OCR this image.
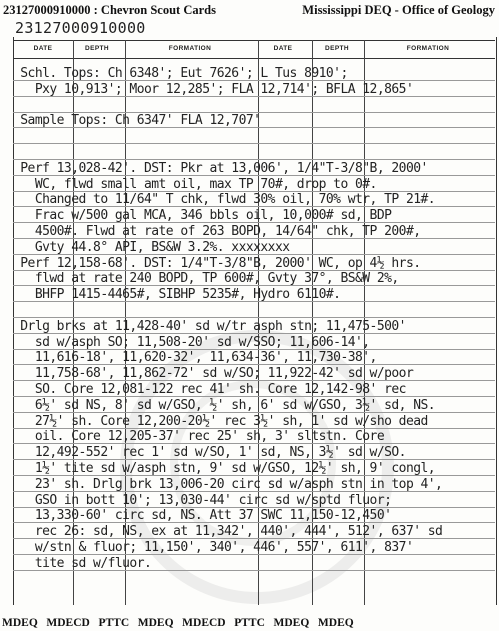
23127000910000 : Chevron Scout Cards	Mississippi DEQ - Office of Geology
23127000910000
DATE	DEPTH	FORMATION	DATE	DEPTH	FORMATION
Schl. Tops: Ch 6348'; Eut 7626'; L Tus 8910';
Pxy 10,913'; Moor 12,285'; FLA 12,714'; BFLA 12,865'
Sample Tops: Ch 6347' FLA 12,707'
Perf 13,028-42'. DST: Pkr at 13,006', 1/4"T-3/8"B, 2000'
WC, flwd small amt oil, max TP 70#, drop to 0#.
Changed to 11/64" T chk, flwd 30% oil, 70% wtr, TP 21#.
Frac w/500 gal MCA, 346 bbls oil, 10,000# sd, BDP
4500#. Flwd at rate of 263 BOPD, 14/64" chk, TP 200#,
Gvty 44.8° API, BS&W 3.2%. xxxxxxxx
Perf 12,158-68'. DST: 1/4"T-3/8"B, 2000' WC, op 4½ hrs.
flwd at rate 240 BOPD, TP 600#, Gvty 37°, BS&W 2%,
BHFP 1415-4465#, SIBHP 5235#, Hydro 6110#.
Drlg brks at 11,428-40' sd w/tr asph stn; 11,475-500'
sd w/asph SO; 11,508-20' sd w/SSO; 11,606-14',
11,616-18', 11,620-32', 11,634-36', 11,730-38',
11,758-68', 11,862-72' sd w/SO; 11,922-42' sd w/poor
SO. Core 12,081-122 rec 41' sh. Core 12,142-98' rec
6½' sd NS, 8' sd w/GSO, ½' sh, 6' sd w/GSO, 3½' sd, NS.
27½' sh. Core 12,200-20½' rec 3½' sh, 1' sd w/sho dead
oil. Core 12,205-37' rec 25' sh, 3' sltstn. Core
12,492-552' rec 1' sd w/SO, 1' sd, NS, 3½' sd w/SO.
1½' tite sd w/asph stn, 9' sd w/GSO, 12½' sh, 9' congl,
23' sh. Drlg brk 13,006-20 circ sd w/asph stn in top 4',
GSO in bott 10'; 13,030-44' circ sd w/sptd fluor;
13,330-60' circ sd, NS. Att 37 SWC 11,150-12,450'
rec 26: sd, NS, ex at 11,342', 440', 444', 512', 637' sd
w/stn & fluor; 11,150', 340', 446', 557', 611', 837'
tite sd w/fluor.
MDEQ   MDECD   PTTC   MDEQ   MDECD   PTTC   MDEQ   MDEQ
